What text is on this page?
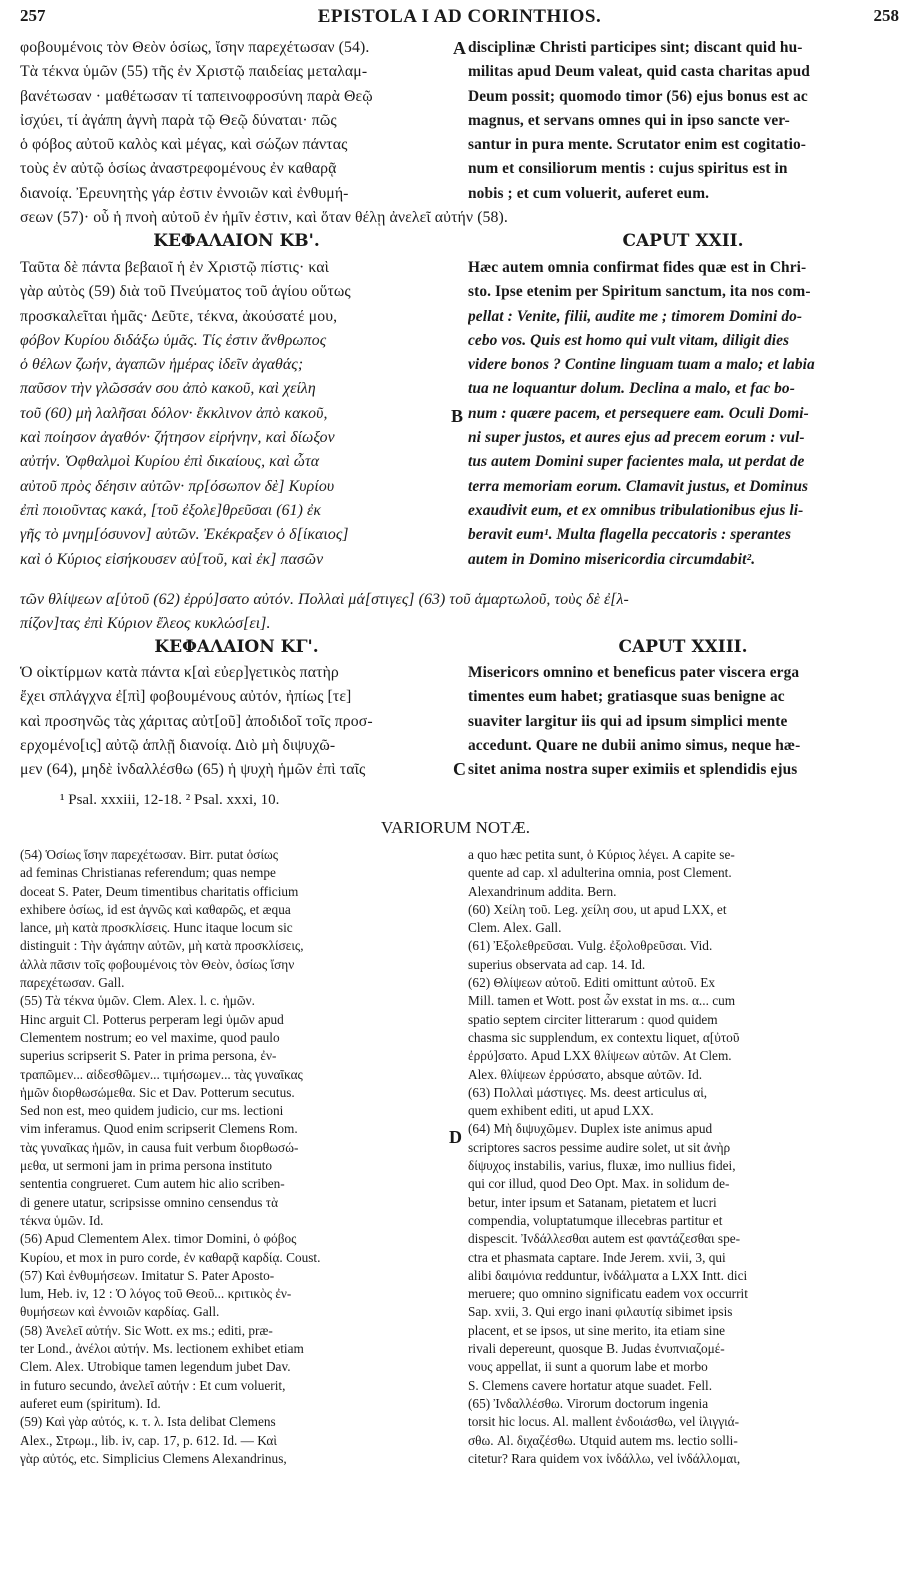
257	EPISTOLA I AD CORINTHIOS.	258
φοβουμένοις τὸν Θεὸν ὁσίως, ἴσην παρεχέτωσαν (54).
Τὰ τέκνα ὑμῶν (55) τῆς ἐν Χριστῷ παιδείας μεταλαμ-
βανέτωσαν · μαθέτωσαν τί ταπεινοφροσύνη παρὰ Θεῷ
ἰσχύει, τί ἀγάπη ἁγνὴ παρὰ τῷ Θεῷ δύναται· πῶς
ὁ φόβος αὐτοῦ καλὸς καὶ μέγας, καὶ σώζων πάντας
τοὺς ἐν αὐτῷ ὁσίως ἀναστρεφομένους ἐν καθαρᾷ
διανοίᾳ. Ἐρευνητὴς γάρ ἐστιν ἐννοιῶν καὶ ἐνθυμή-
A disciplinæ Christi participes sint; discant quid hu-
militas apud Deum valeat, quid casta charitas apud
Deum possit; quomodo timor (56) ejus bonus est ac
magnus, et servans omnes qui in ipso sancte ver-
santur in pura mente. Scrutator enim est cogitatio-
num et consiliorum mentis : cujus spiritus est in
nobis ; et cum voluerit, auferet eum.
σεων (57)· οὗ ἡ πνοὴ αὐτοῦ ἐν ἡμῖν ἐστιν, καὶ ὅταν θέλῃ ἀνελεῖ αὐτήν (58).
ΚΕΦΑΛΑΙΟΝ ΚΒ'.	CAPUT XXII.
Ταῦτα δὲ πάντα βεβαιοῖ ἡ ἐν Χριστῷ πίστις· καὶ
γὰρ αὐτὸς (59) διὰ τοῦ Πνεύματος τοῦ ἁγίου οὕτως
προσκαλεῖται ἡμᾶς· Δεῦτε, τέκνα, ἀκούσατέ μου,
φόβον Κυρίου διδάξω ὑμᾶς. Τίς ἐστιν ἄνθρωπος
ὁ θέλων ζωήν, ἀγαπῶν ἡμέρας ἰδεῖν ἀγαθάς;
παῦσον τὴν γλῶσσάν σου ἀπὸ κακοῦ, καὶ χείλη
τοῦ (60) μὴ λαλῆσαι δόλον· ἔκκλινον ἀπὸ κακοῦ,
καὶ ποίησον ἀγαθόν· ζήτησον εἰρήνην, καὶ δίωξον
αὐτήν. Ὀφθαλμοὶ Κυρίου ἐπὶ δικαίους, καὶ ὦτα
αὐτοῦ πρὸς δέησιν αὐτῶν· πρ[όσωπον δὲ] Κυρίου
ἐπὶ ποιοῦντας κακά, [τοῦ ἐξολε]θρεῦσαι (61) ἐκ
γῆς τὸ μνημ[όσυνον] αὐτῶν. Ἐκέκραξεν ὁ δ[ίκαιος]
καὶ ὁ Κύριος εἰσήκουσεν αὐ[τοῦ, καὶ ἐκ] πασῶν
B
Hæc autem omnia confirmat fides quæ est in Chri-
sto. Ipse etenim per Spiritum sanctum, ita nos com-
pellat : Venite, filii, audite me ; timorem Domini do-
cebo vos. Quis est homo qui vult vitam, diligit dies
videre bonos ? Contine linguam tuam a malo; et labia
tua ne loquantur dolum. Declina a malo, et fac bo-
num : quære pacem, et persequere eam. Oculi Domi-
ni super justos, et aures ejus ad precem eorum : vul-
tus autem Domini super facientes mala, ut perdat de
terra memoriam eorum. Clamavit justus, et Dominus
exaudivit eum, et ex omnibus tribulationibus ejus li-
beravit eum¹. Multa flagella peccatoris : sperantes
autem in Domino misericordia circumdabit².
τῶν θλίψεων α[ὐτοῦ (62) ἐρρύ]σατο αὐτόν. Πολλαὶ μά[στιγες] (63) τοῦ ἁμαρτωλοῦ, τοὺς δὲ ἐ[λ-
πίζον]τας ἐπὶ Κύριον ἔλεος κυκλώσ[ει].
ΚΕΦΑΛΑΙΟΝ ΚΓ'.	CAPUT XXIII.
Ὁ οἰκτίρμων κατὰ πάντα κ[αὶ εὐερ]γετικὸς πατὴρ
ἔχει σπλάγχνα ἐ[πὶ] φοβουμένους αὐτόν, ἠπίως [τε]
καὶ προσηνῶς τὰς χάριτας αὐτ[οῦ] ἀποδιδοῖ τοῖς προσ-
ερχομένο[ις] αὐτῷ ἁπλῇ διανοίᾳ. Διὸ μὴ διψυχῶ-
μεν (64), μηδὲ ἰνδαλλέσθω (65) ἡ ψυχὴ ἡμῶν ἐπὶ ταῖς	C
Misericors omnino et beneficus pater viscera erga
timentes eum habet; gratiasque suas benigne ac
suaviter largitur iis qui ad ipsum simplici mente
accedunt. Quare ne dubii animo simus, neque hæ-
sitet anima nostra super eximiis et splendidis ejus
¹ Psal. xxxiii, 12-18. ² Psal. xxxi, 10.
VARIORUM NOTÆ.
(54) Ὁσίως ἴσην παρεχέτωσαν. Birr. putat ὁσίως
ad feminas Christianas referendum; quas nempe
doceat S. Pater, Deum timentibus charitatis officium
exhibere ὁσίως, id est ἁγνῶς καὶ καθαρῶς, et æqua
lance, μὴ κατὰ προσκλίσεις. Hunc itaque locum sic
distinguit : Τὴν ἀγάπην αὐτῶν, μὴ κατὰ προσκλίσεις,
ἀλλὰ πᾶσιν τοῖς φοβουμένοις τὸν Θεὸν, ὁσίως ἴσην
παρεχέτωσαν. Gall.
(55) Τὰ τέκνα ὑμῶν. Clem. Alex. l. c. ἡμῶν.
Hinc arguit Cl. Potterus perperam legi ὑμῶν apud
Clementem nostrum; eo vel maxime, quod paulo
superius scripserit S. Pater in prima persona, ἐν-
τραπῶμεν... αἰδεσθῶμεν... τιμήσωμεν... τὰς γυναῖκας
ἡμῶν διορθωσώμεθα. Sic et Dav. Potterum secutus.
Sed non est, meo quidem judicio, cur ms. lectioni
vim inferamus. Quod enim scripserit Clemens Rom.
τὰς γυναῖκας ἡμῶν, in causa fuit verbum διορθωσώ-
μεθα, ut sermoni jam in prima persona instituto
sententia congrueret. Cum autem hic alio scriben-
di genere utatur, scripsisse omnino censendus τὰ
τέκνα ὑμῶν. Id.
(56) Apud Clementem Alex. timor Domini, ὁ φόβος
Κυρίου, et mox in puro corde, ἐν καθαρᾷ καρδίᾳ. Coust.
(57) Καὶ ἐνθυμήσεων. Imitatur S. Pater Aposto-
lum, Heb. iv, 12 : Ὁ λόγος τοῦ Θεοῦ... κριτικὸς ἐν-
θυμήσεων καὶ ἐννοιῶν καρδίας. Gall.
(58) Ἀνελεῖ αὐτήν. Sic Wott. ex ms.; editi, præ-
ter Lond., ἀνέλοι αὐτήν. Ms. lectionem exhibet etiam
Clem. Alex. Utrobique tamen legendum jubet Dav.
in futuro secundo, ἀνελεῖ αὐτήν : Et cum voluerit,
auferet eum (spiritum). Id.
(59) Καὶ γὰρ αὐτός, κ. τ. λ. Ista delibat Clemens
Alex., Στρωμ., lib. iv, cap. 17, p. 612. Id. — Καὶ
γὰρ αὐτός, etc. Simplicius Clemens Alexandrinus,
D
a quo hæc petita sunt, ὁ Κύριος λέγει. A capite se-
quente ad cap. xl adulterina omnia, post Clement.
Alexandrinum addita. Bern.
(60) Χείλη τοῦ. Leg. χείλη σου, ut apud LXX, et
Clem. Alex. Gall.
(61) Ἐξολεθρεῦσαι. Vulg. ἐξολοθρεῦσαι. Vid.
superius observata ad cap. 14. Id.
(62) Θλίψεων αὐτοῦ. Editi omittunt αὐτοῦ. Ex
Mill. tamen et Wott. post ὧν exstat in ms. α... cum
spatio septem circiter litterarum : quod quidem
chasma sic supplendum, ex contextu liquet, α[ὐτοῦ
ἐρρύ]σατο. Apud LXX θλίψεων αὐτῶν. At Clem.
Alex. θλίψεων ἐρρύσατο, absque αὐτῶν. Id.
(63) Πολλαὶ μάστιγες. Ms. deest articulus αἱ,
quem exhibent editi, ut apud LXX.
(64) Μὴ διψυχῶμεν. Duplex iste animus apud
scriptores sacros pessime audire solet, ut sit ἀνὴρ
δίψυχος instabilis, varius, fluxæ, imo nullius fidei,
qui cor illud, quod Deo Opt. Max. in solidum de-
betur, inter ipsum et Satanam, pietatem et lucri
compendia, voluptatumque illecebras partitur et
dispescit. Ἰνδάλλεσθαι autem est φαντάζεσθαι spe-
ctra et phasmata captare. Inde Jerem. xvii, 3, qui
alibi δαιμόνια redduntur, ἰνδάλματα a LXX Intt. dici
meruere; quo omnino significatu eadem vox occurrit
Sap. xvii, 3. Qui ergo inani φιλαυτίᾳ sibimet ipsis
placent, et se ipsos, ut sine merito, ita etiam sine
rivali depereunt, quosque B. Judas ἐνυπνιαζομέ-
νους appellat, ii sunt a quorum labe et morbo
S. Clemens cavere hortatur atque suadet. Fell.
(65) Ἰνδαλλέσθω. Virorum doctorum ingenia
torsit hic locus. Al. mallent ἐνδοιάσθω, vel ἰλιγγιά-
σθω. Al. διχαζέσθω. Utquid autem ms. lectio solli-
citetur? Rara quidem vox ἰνδάλλω, vel ἰνδάλλομαι,
